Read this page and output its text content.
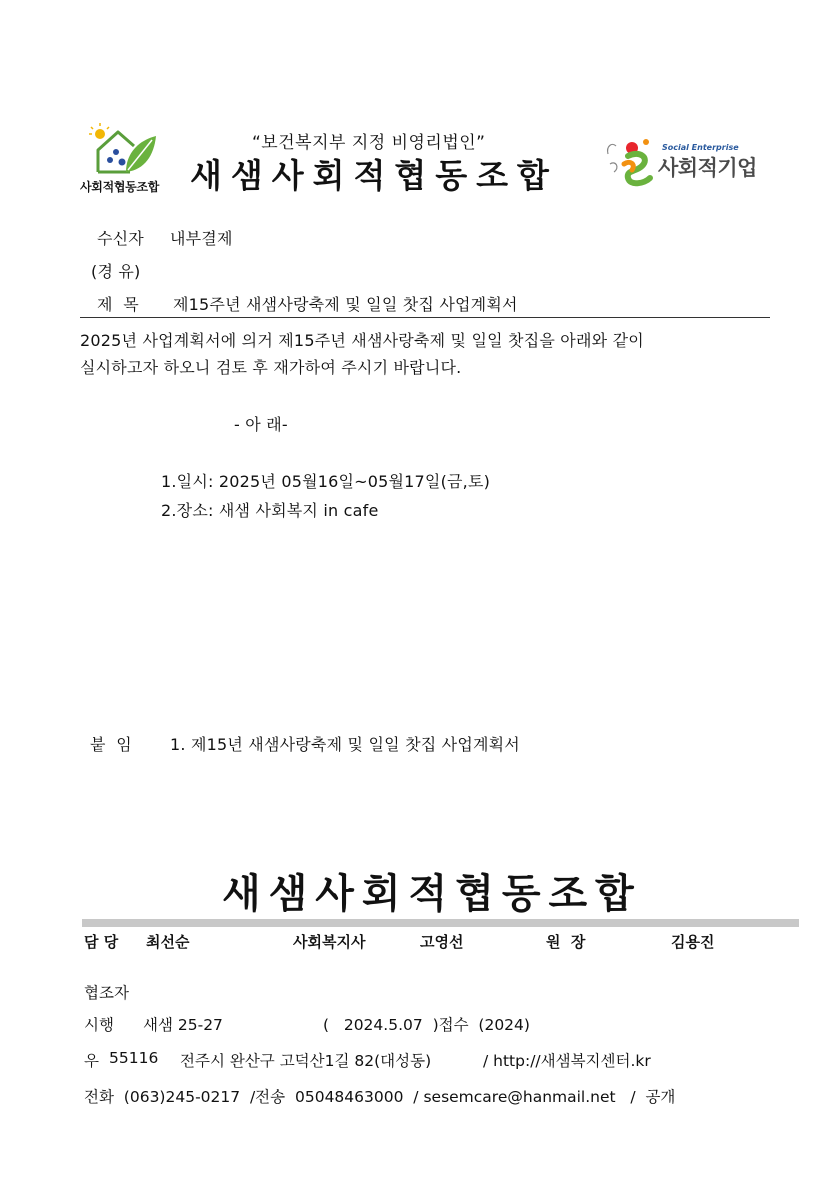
사회적협동조합
“보건복지부 지정 비영리법인”
새샘사회적협동조합
Social Enterprise
사회적기업
수신자 내부결제
(경 유)
제  목 제15주년 새샘사랑축제 및 일일 찻집 사업계획서
2025년 사업계획서에 의거 제15주년 새샘사랑축제 및 일일 찻집을 아래와 같이
실시하고자 하오니 검토 후 재가하여 주시기 바랍니다.
- 아 래-
1.일시: 2025년 05월16일~05월17일(금,토)
2.장소: 새샘 사회복지 in cafe
붙  임 1. 제15년 새샘사랑축제 및 일일 찻집 사업계획서
새샘사회적협동조합
담 당 최선순	사회복지사	고영선	원  장	김용진
협조자
시행 새샘 25-27	(   2024.5.07  )접수  (2024)
우 55116 전주시 완산구 고덕산1길 82(대성동)	/ http://새샘복지센터.kr
전화  (063)245-0217  /전송  05048463000  / sesemcare@hanmail.net   /  공개
